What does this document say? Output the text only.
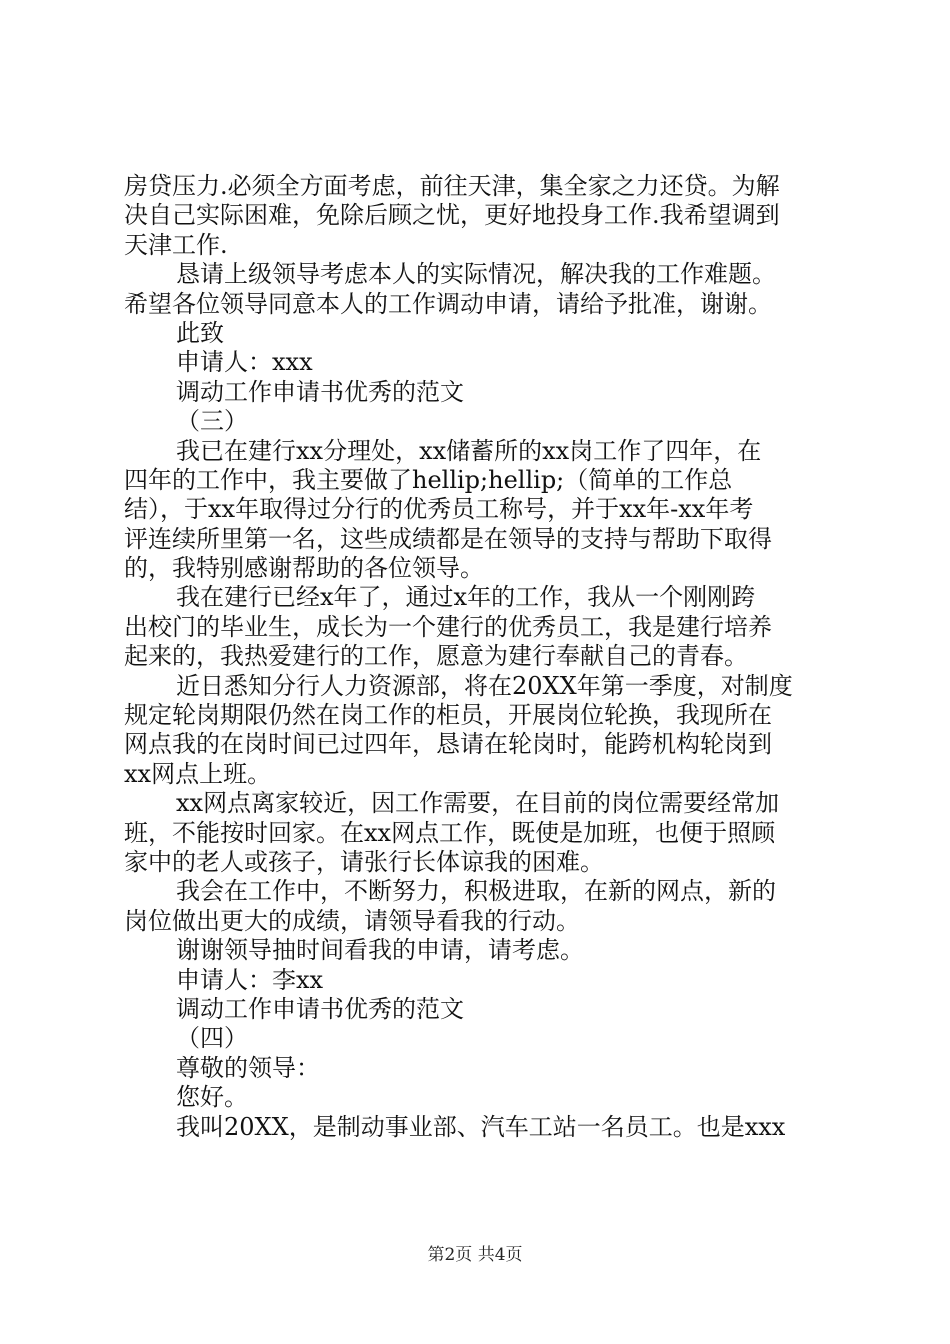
房贷压力.必须全方面考虑，前往天津，集全家之力还贷。为解
决自己实际困难，免除后顾之忧，更好地投身工作.我希望调到
天津工作.
恳请上级领导考虑本人的实际情况，解决我的工作难题。
希望各位领导同意本人的工作调动申请，请给予批准，谢谢。
此致
申请人：xxx
调动工作申请书优秀的范文
（三）
我已在建行xx分理处，xx储蓄所的xx岗工作了四年，在
四年的工作中，我主要做了hellip;hellip;（简单的工作总
结），于xx年取得过分行的优秀员工称号，并于xx年-xx年考
评连续所里第一名，这些成绩都是在领导的支持与帮助下取得
的，我特别感谢帮助的各位领导。
我在建行已经x年了，通过x年的工作，我从一个刚刚跨
出校门的毕业生，成长为一个建行的优秀员工，我是建行培养
起来的，我热爱建行的工作，愿意为建行奉献自己的青春。
近日悉知分行人力资源部，将在20XX年第一季度，对制度
规定轮岗期限仍然在岗工作的柜员，开展岗位轮换，我现所在
网点我的在岗时间已过四年，恳请在轮岗时，能跨机构轮岗到
xx网点上班。
xx网点离家较近，因工作需要，在目前的岗位需要经常加
班，不能按时回家。在xx网点工作，既使是加班，也便于照顾
家中的老人或孩子，请张行长体谅我的困难。
我会在工作中，不断努力，积极进取，在新的网点，新的
岗位做出更大的成绩，请领导看我的行动。
谢谢领导抽时间看我的申请，请考虑。
申请人：李xx
调动工作申请书优秀的范文
（四）
尊敬的领导：
您好。
我叫20XX，是制动事业部、汽车工站一名员工。也是xxx
第2页 共4页
